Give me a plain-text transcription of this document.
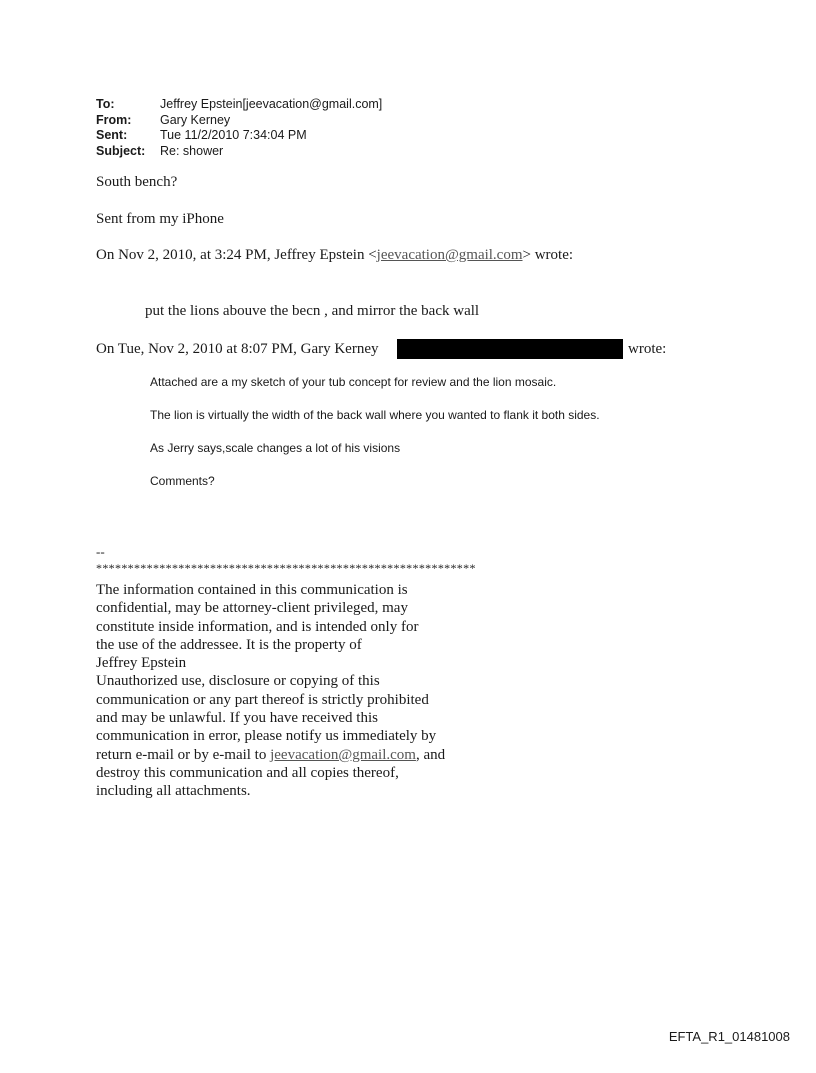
To:	Jeffrey Epstein[jeevacation@gmail.com]
From:	Gary Kerney
Sent:	Tue 11/2/2010 7:34:04 PM
Subject:	Re: shower
South bench?
Sent from my iPhone
On Nov 2, 2010, at 3:24 PM, Jeffrey Epstein <jeevacation@gmail.com> wrote:
put the lions abouve the becn , and mirror the back wall
On Tue, Nov 2, 2010 at 8:07 PM, Gary Kerney	wrote:
Attached are a my sketch of your tub concept for review and the lion mosaic.
The lion is virtually the width of the back wall where you wanted to flank it both sides.
As Jerry says,scale changes a lot of his visions
Comments?
--
************************************************************
The information contained in this communication is
confidential, may be attorney-client privileged, may
constitute inside information, and is intended only for
the use of the addressee. It is the property of
Jeffrey Epstein
Unauthorized use, disclosure or copying of this
communication or any part thereof is strictly prohibited
and may be unlawful. If you have received this
communication in error, please notify us immediately by
return e-mail or by e-mail to jeevacation@gmail.com, and
destroy this communication and all copies thereof,
including all attachments.
EFTA_R1_01481008
